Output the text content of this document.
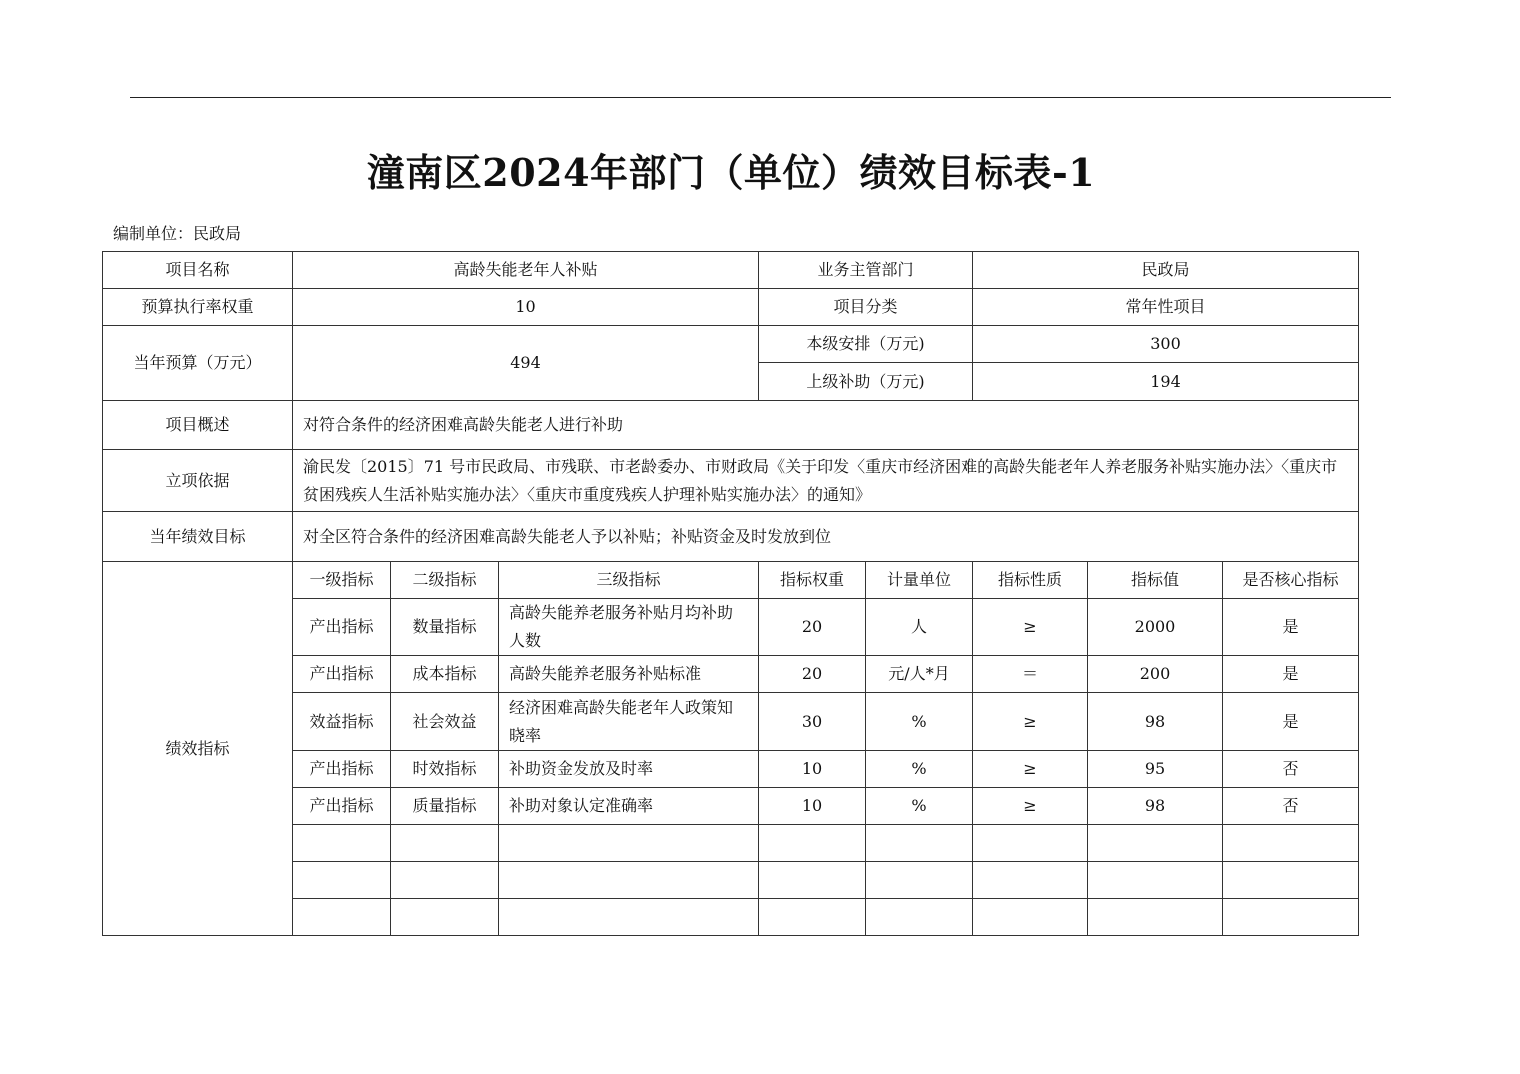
潼南区2024年部门（单位）绩效目标表-1
编制单位：民政局
项目名称	高龄失能老年人补贴			业务主管部门		民政局		
预算执行率权重	10			项目分类		常年性项目		
当年预算（万元）	494			本级安排（万元)		300		
				上级补助（万元)		194		
项目概述	对符合条件的经济困难高龄失能老人进行补助							
立项依据	渝民发〔2015〕71 号市民政局、市残联、市老龄委办、市财政局《关于印发〈重庆市经济困难的高龄失能老年人养老服务补贴实施办法〉〈重庆市贫困残疾人生活补贴实施办法〉〈重庆市重度残疾人护理补贴实施办法〉的通知》							
当年绩效目标	对全区符合条件的经济困难高龄失能老人予以补贴；补贴资金及时发放到位							
绩效指标	一级指标	二级指标	三级指标	指标权重	计量单位	指标性质	指标值	是否核心指标
	产出指标	数量指标	高龄失能养老服务补贴月均补助人数	20	人	≥	2000	是
	产出指标	成本指标	高龄失能养老服务补贴标准	20	元/人*月	＝	200	是
	效益指标	社会效益	经济困难高龄失能老年人政策知晓率	30	%	≥	98	是
	产出指标	时效指标	补助资金发放及时率	10	%	≥	95	否
	产出指标	质量指标	补助对象认定准确率	10	%	≥	98	否
